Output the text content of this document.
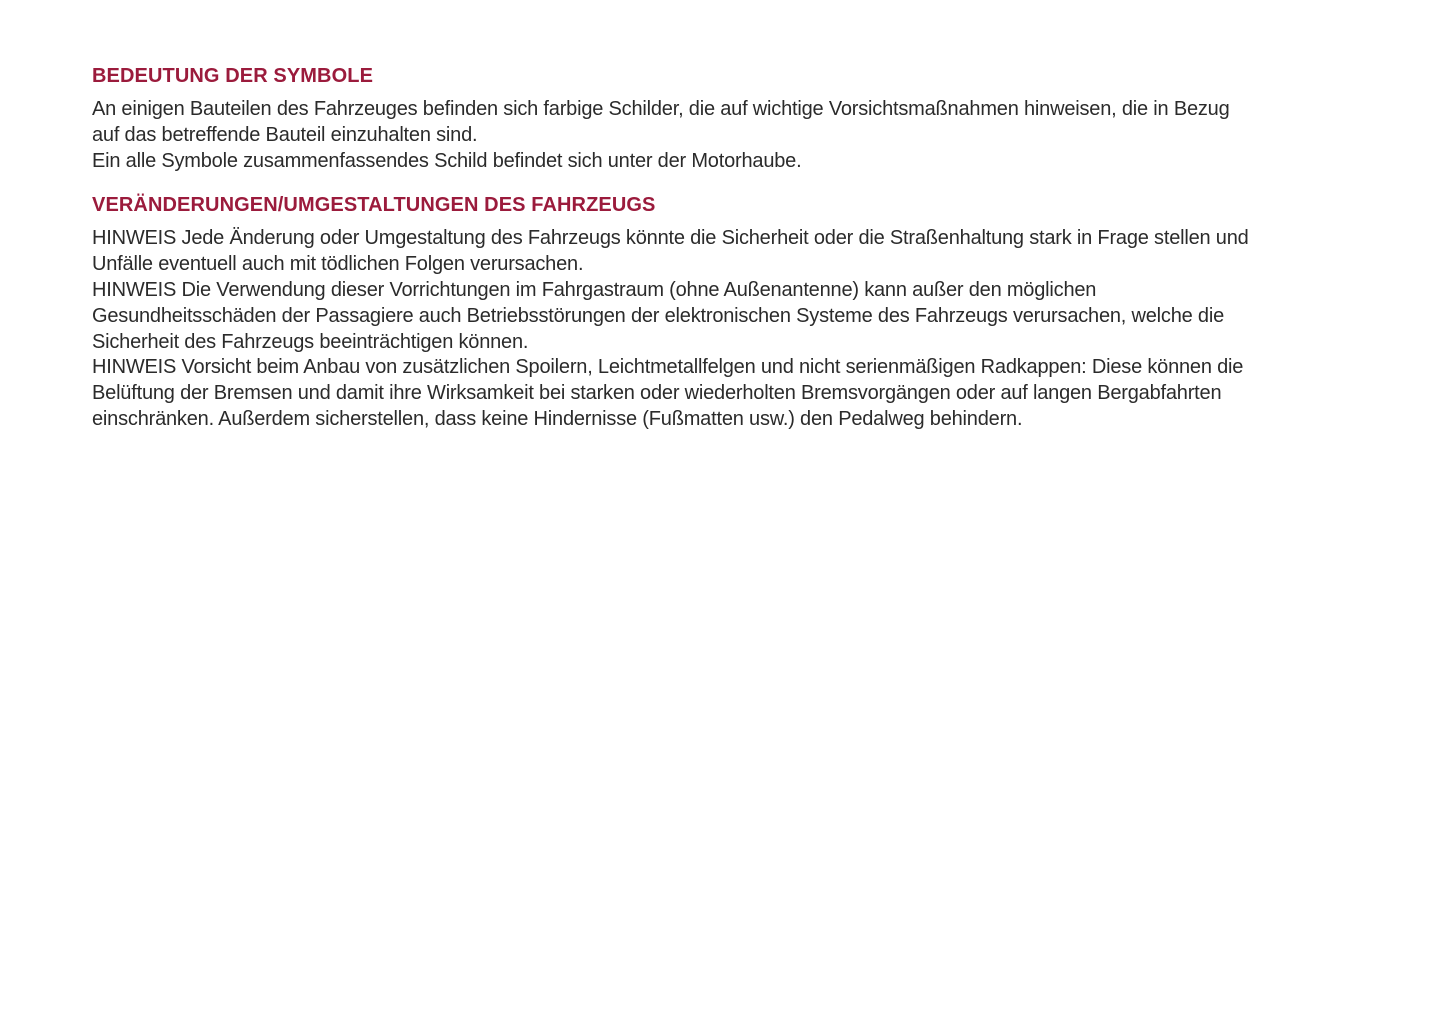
BEDEUTUNG DER SYMBOLE

An einigen Bauteilen des Fahrzeuges befinden sich farbige Schilder, die auf wichtige Vorsichtsmaßnahmen hinweisen, die in Bezug auf das betreffende Bauteil einzuhalten sind.

Ein alle Symbole zusammenfassendes Schild befindet sich unter der Motorhaube.

VERÄNDERUNGEN/UMGESTALTUNGEN DES FAHRZEUGS

HINWEIS Jede Änderung oder Umgestaltung des Fahrzeugs könnte die Sicherheit oder die Straßenhaltung stark in Frage stellen und Unfälle eventuell auch mit tödlichen Folgen verursachen.

HINWEIS Die Verwendung dieser Vorrichtungen im Fahrgastraum (ohne Außenantenne) kann außer den möglichen Gesundheitsschäden der Passagiere auch Betriebsstörungen der elektronischen Systeme des Fahrzeugs verursachen, welche die Sicherheit des Fahrzeugs beeinträchtigen können.

HINWEIS Vorsicht beim Anbau von zusätzlichen Spoilern, Leichtmetallfelgen und nicht serienmäßigen Radkappen: Diese können die Belüftung der Bremsen und damit ihre Wirksamkeit bei starken oder wiederholten Bremsvorgängen oder auf langen Bergabfahrten einschränken. Außerdem sicherstellen, dass keine Hindernisse (Fußmatten usw.) den Pedalweg behindern.
